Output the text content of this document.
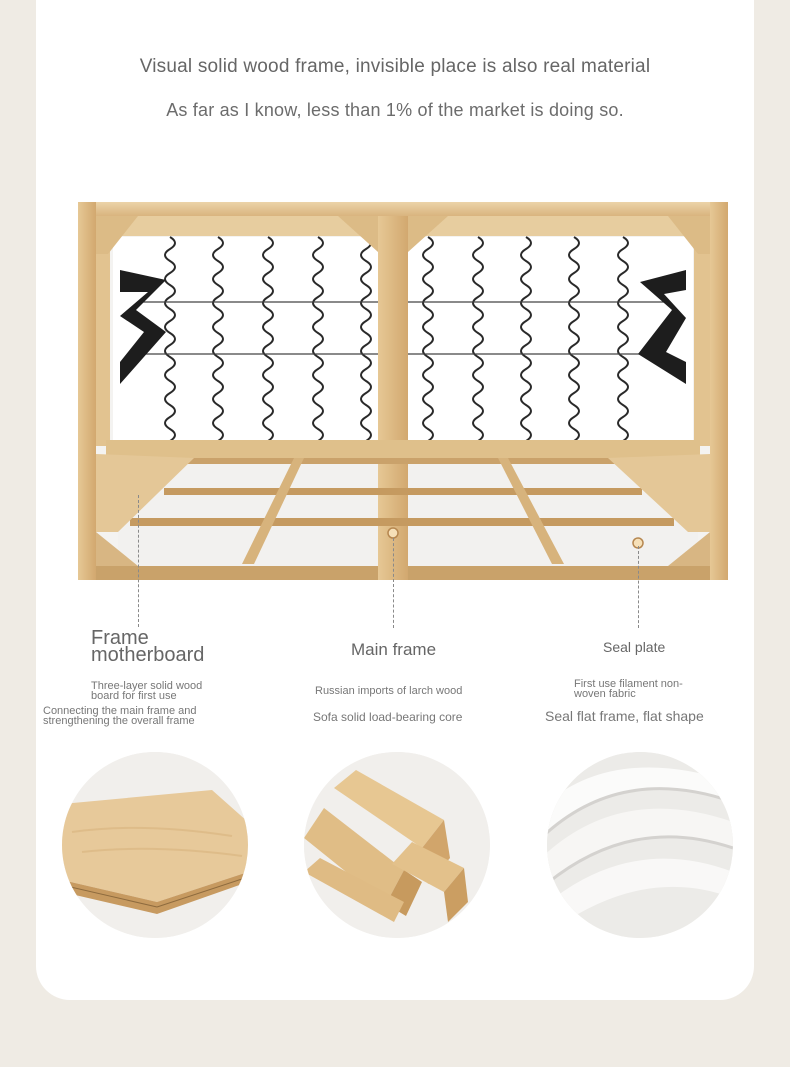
Visual solid wood frame, invisible place is also real material
As far as I know, less than 1% of the market is doing so.
Frame
motherboard
Three-layer solid wood
board for first use
Connecting the main frame and
strengthening the overall frame
Main frame
Russian imports of larch wood
Sofa solid load-bearing core
Seal plate
First use filament non-
woven fabric
Seal flat frame, flat shape
